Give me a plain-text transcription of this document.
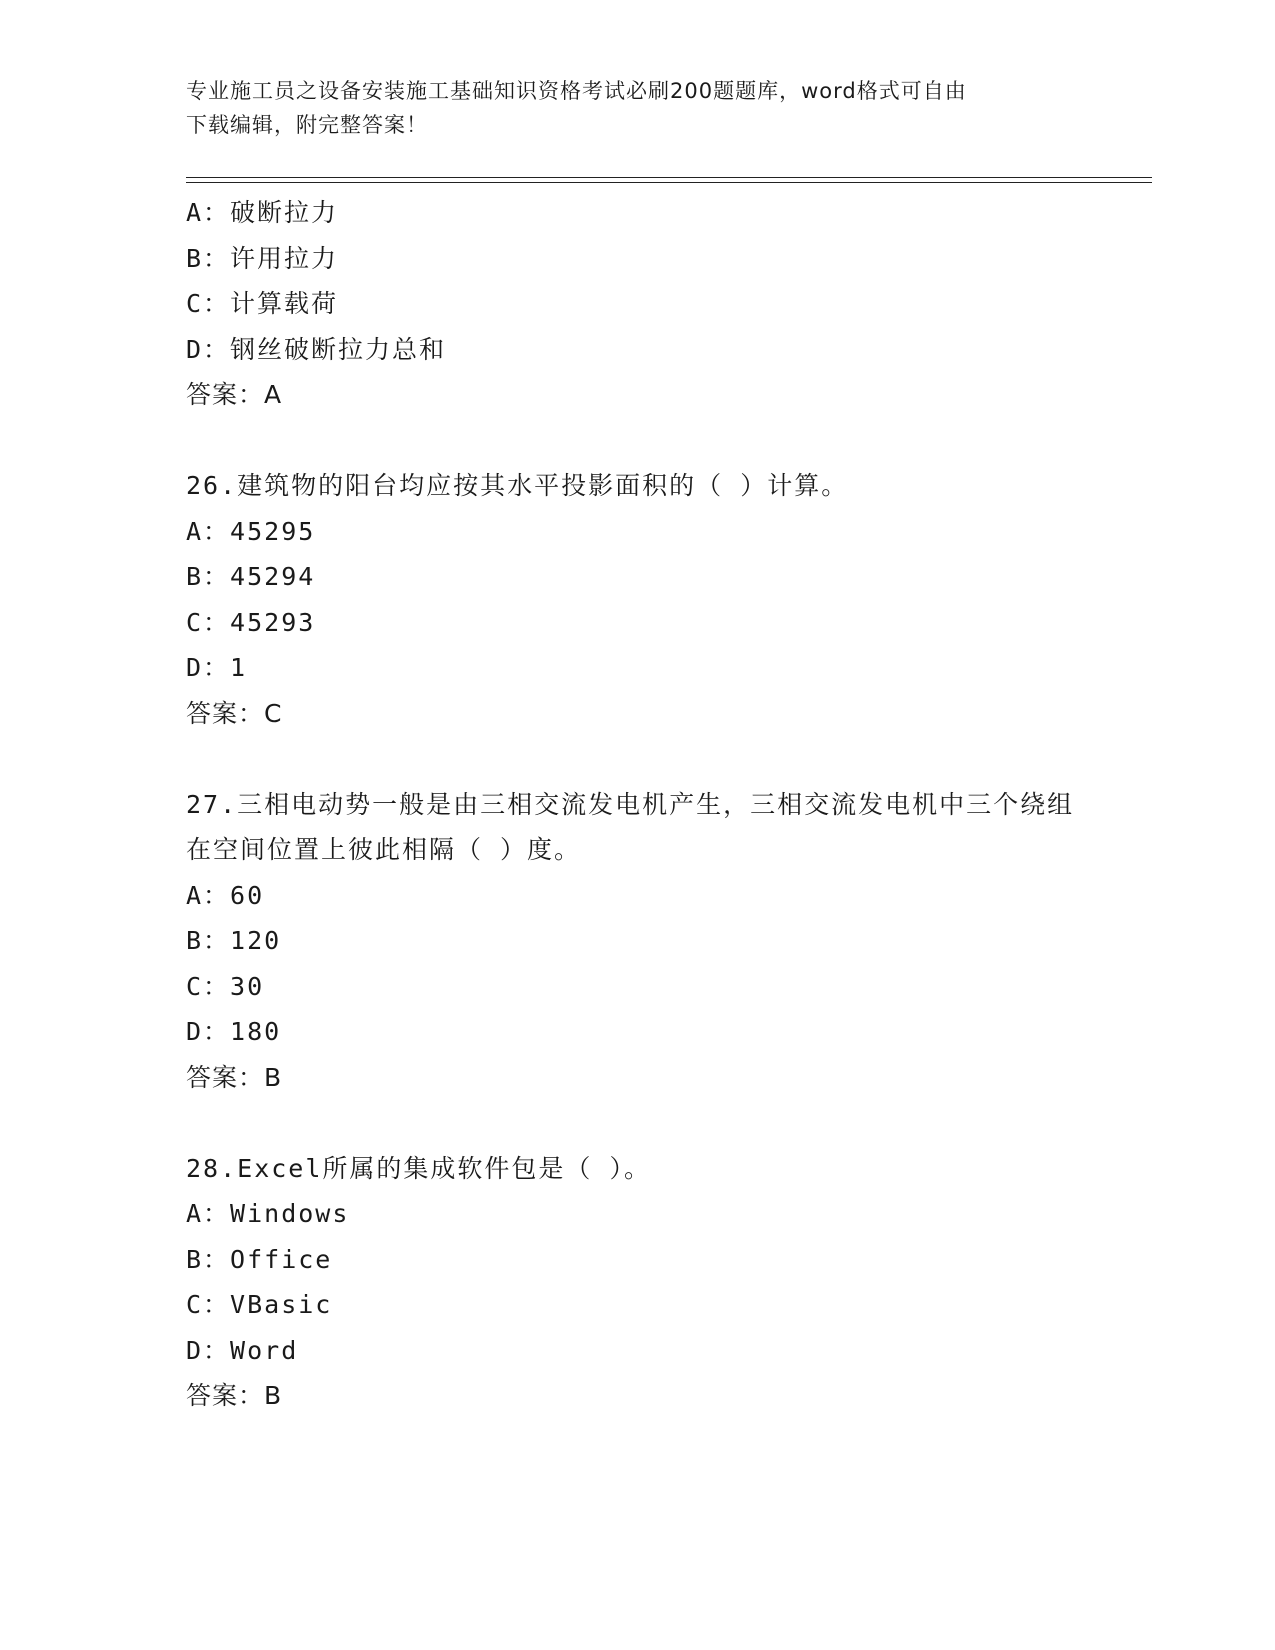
专业施工员之设备安装施工基础知识资格考试必刷200题题库，word格式可自由
下载编辑，附完整答案！
A：破断拉力
B：许用拉力
C：计算载荷
D：钢丝破断拉力总和
答案：A
26.建筑物的阳台均应按其水平投影面积的（ ）计算。
A：45295
B：45294
C：45293
D：1
答案：C
27.三相电动势一般是由三相交流发电机产生，三相交流发电机中三个绕组在空间位置上彼此相隔（ ）度。
A：60
B：120
C：30
D：180
答案：B
28.Excel所属的集成软件包是（ ）。
A：Windows
B：Office
C：VBasic
D：Word
答案：B
